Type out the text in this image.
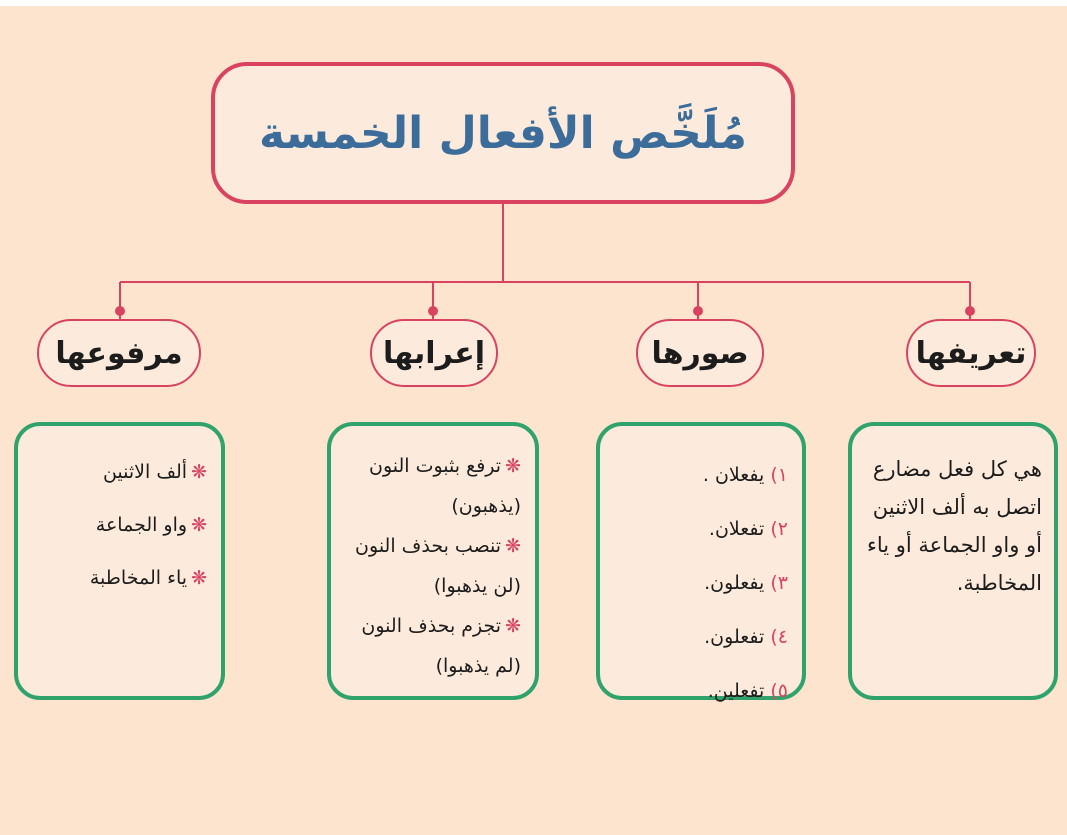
مُلَخَّص الأفعال الخمسة
تعريفها
صورها
إعرابها
مرفوعها
هي كل فعل مضارع اتصل به ألف الاثنين أو واو الجماعة أو ياء المخاطبة.
١) يفعلان .
٢) تفعلان.
٣) يفعلون.
٤) تفعلون.
٥) تفعلين.
❋ترفع بثبوت النون (يذهبون)
❋تنصب بحذف النون (لن يذهبوا)
❋تجزم بحذف النون (لم يذهبوا)
❋ألف الاثنين
❋واو الجماعة
❋ياء المخاطبة
